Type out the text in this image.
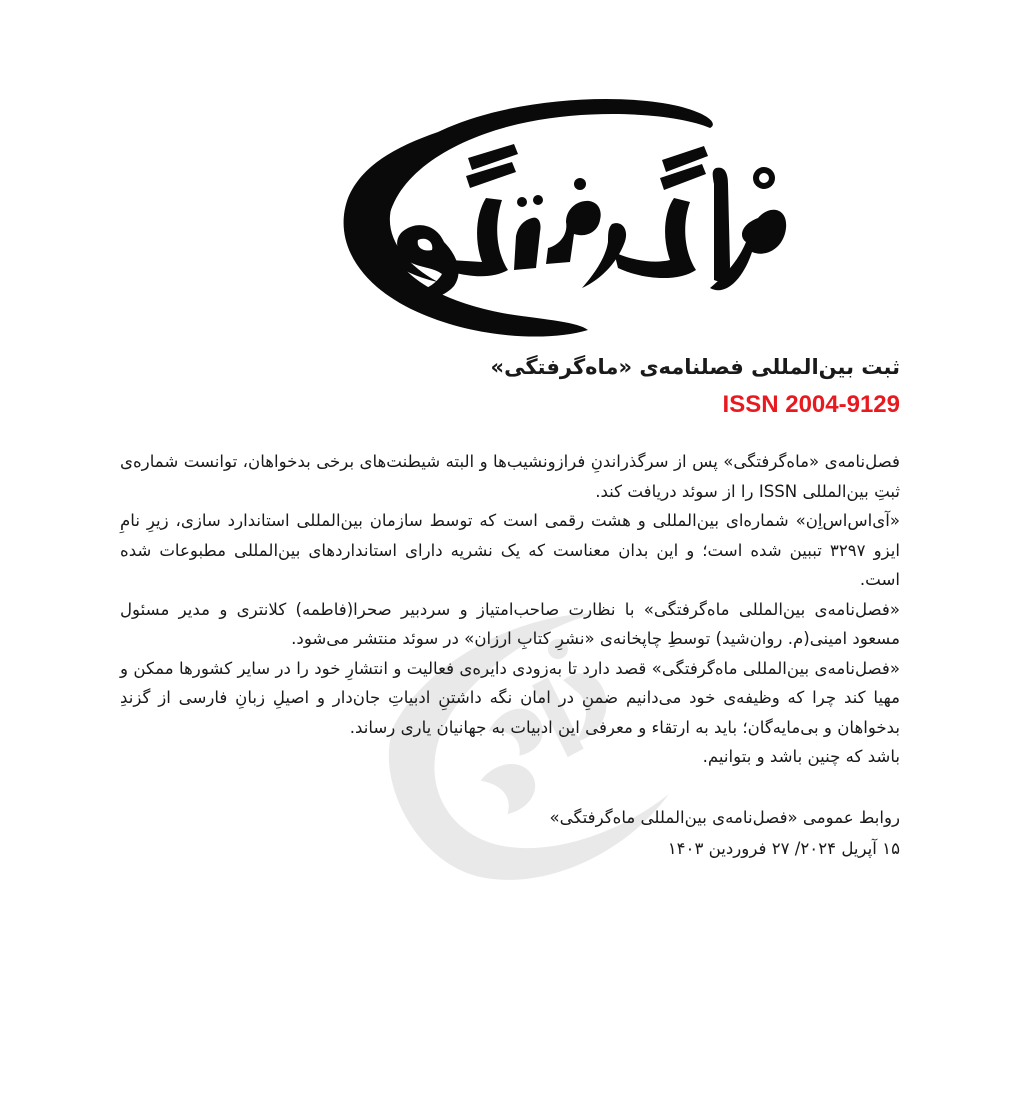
ثبت بین‌المللی فصلنامه‌ی «ماه‌گرفتگی»
ISSN 2004-9129

فصل‌نامه‌ی «ماه‌گرفتگی» پس از سرگذراندنِ فرازونشیب‌ها و البته شیطنت‌های برخی بدخواهان، توانست شماره‌ی ثبتِ بین‌المللی ISSN را از سوئد دریافت کند.

«آی‌اس‌اس‌اِن» شماره‌ای بین‌المللی و هشت رقمی است که توسط سازمان بین‌المللی استاندارد سازی، زیرِ نامِ ایزو ۳۲۹۷ تببین شده است؛ و این بدان معناست که یک نشریه دارای استانداردهای بین‌المللی مطبوعات شده است.

«فصل‌نامه‌ی بین‌المللی ماه‌گرفتگی» با نظارت صاحب‌امتیاز و سردبیر صحرا(فاطمه) کلانتری و مدیر مسئول مسعود امینی(م. روان‌شید) توسطِ چاپخانه‌ی «نشرِ کتابِ ارزان» در سوئد منتشر می‌شود.

«فصل‌نامه‌ی بین‌المللی ماه‌گرفتگی» قصد دارد تا به‌زودی دایره‌ی فعالیت و انتشارِ خود را در سایر کشورها ممکن و مهیا کند چرا که وظیفه‌ی خود می‌دانیم ضمنِ در امان نگه داشتنِ ادبیاتِ جان‌دار و اصیلِ زبانِ فارسی از گزندِ بدخواهان و بی‌مایه‌گان؛ باید به ارتقاء و معرفی این ادبیات به جهانیان یاری رساند.

باشد که چنین باشد و بتوانیم.

روابط عمومی «فصل‌نامه‌ی بین‌المللی ماه‌گرفتگی»

۱۵ آپریل ۲۰۲۴/ ۲۷ فروردین ۱۴۰۳
